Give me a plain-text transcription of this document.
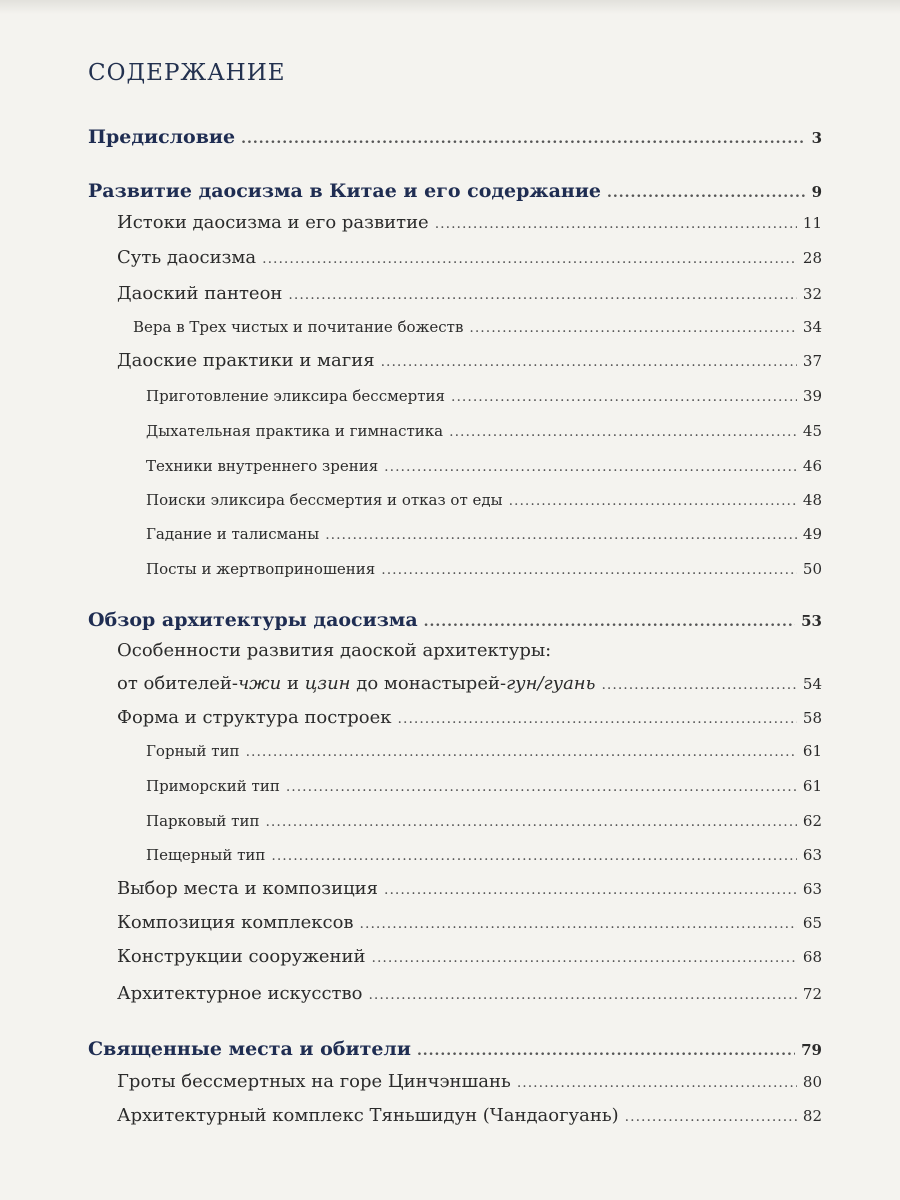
СОДЕРЖАНИЕ
Предисловие .....	3
Развитие даосизма в Китае и его содержание .....	9
Истоки даосизма и его развитие .....	11
Суть даосизма .....	28
Даоский пантеон .....	32
Вера в Трех чистых и почитание божеств .....	34
Даоские практики и магия .....	37
Приготовление эликсира бессмертия .....	39
Дыхательная практика и гимнастика .....	45
Техники внутреннего зрения .....	46
Поиски эликсира бессмертия и отказ от еды .....	48
Гадание и талисманы .....	49
Посты и жертвоприношения .....	50
Обзор архитектуры даосизма .....	53
Особенности развития даоской архитектуры:
от обителей-чжи и цзин до монастырей-гун/гуань .....	54
Форма и структура построек .....	58
Горный тип .....	61
Приморский тип .....	61
Парковый тип .....	62
Пещерный тип .....	63
Выбор места и композиция .....	63
Композиция комплексов .....	65
Конструкции сооружений .....	68
Архитектурное искусство .....	72
Священные места и обители .....	79
Гроты бессмертных на горе Цинчэншань .....	80
Архитектурный комплекс Тяньшидун (Чандаогуань) .....	82
